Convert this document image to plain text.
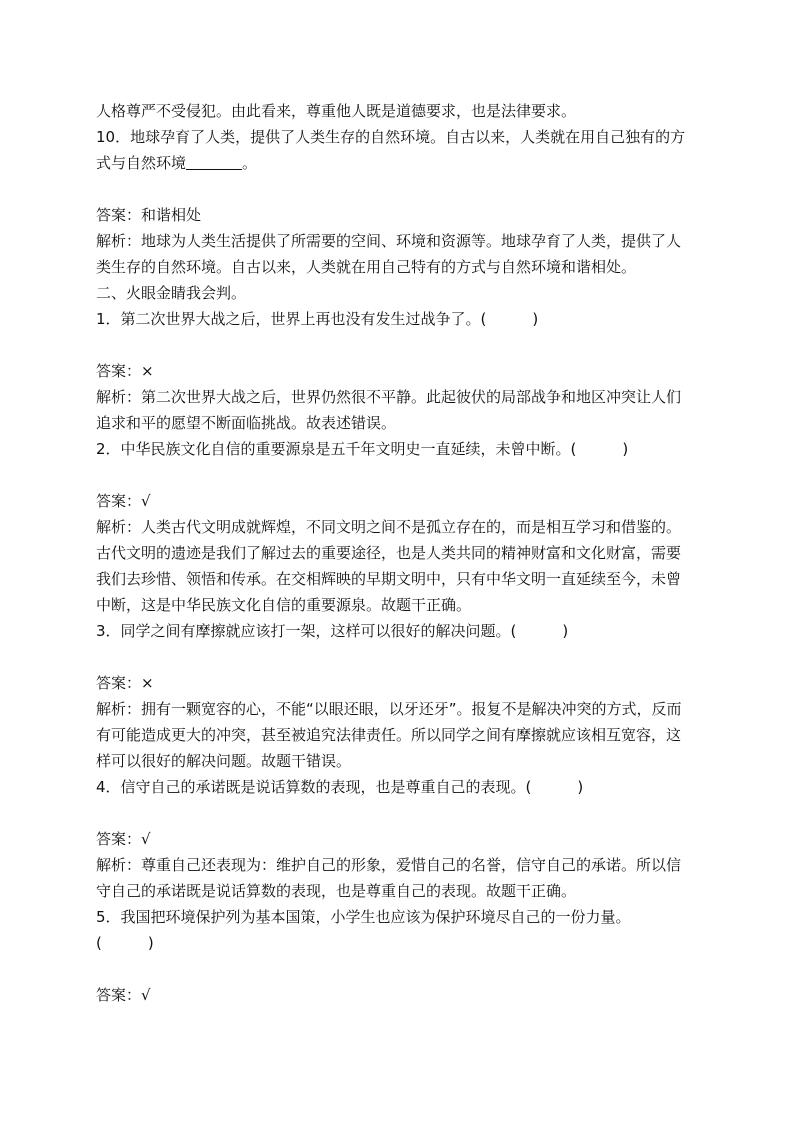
人格尊严不受侵犯。由此看来，尊重他人既是道德要求，也是法律要求。
10．地球孕育了人类，提供了人类生存的自然环境。自古以来，人类就在用自己独有的方
式与自然环境	。
答案：和谐相处
解析：地球为人类生活提供了所需要的空间、环境和资源等。地球孕育了人类，提供了人
类生存的自然环境。自古以来，人类就在用自己特有的方式与自然环境和谐相处。
二、火眼金睛我会判。
1．第二次世界大战之后，世界上再也没有发生过战争了。(	)
答案：×
解析：第二次世界大战之后，世界仍然很不平静。此起彼伏的局部战争和地区冲突让人们
追求和平的愿望不断面临挑战。故表述错误。
2．中华民族文化自信的重要源泉是五千年文明史一直延续，未曾中断。(	)
答案：√
解析：人类古代文明成就辉煌，不同文明之间不是孤立存在的，而是相互学习和借鉴的。
古代文明的遗迹是我们了解过去的重要途径，也是人类共同的精神财富和文化财富，需要
我们去珍惜、领悟和传承。在交相辉映的早期文明中，只有中华文明一直延续至今，未曾
中断，这是中华民族文化自信的重要源泉。故题干正确。
3．同学之间有摩擦就应该打一架，这样可以很好的解决问题。(	)
答案：×
解析：拥有一颗宽容的心，不能“以眼还眼，以牙还牙”。报复不是解决冲突的方式，反而
有可能造成更大的冲突，甚至被追究法律责任。所以同学之间有摩擦就应该相互宽容，这
样可以很好的解决问题。故题干错误。
4．信守自己的承诺既是说话算数的表现，也是尊重自己的表现。(	)
答案：√
解析：尊重自己还表现为：维护自己的形象，爱惜自己的名誉，信守自己的承诺。所以信
守自己的承诺既是说话算数的表现，也是尊重自己的表现。故题干正确。
5．我国把环境保护列为基本国策，小学生也应该为保护环境尽自己的一份力量。
(	)
答案：√
